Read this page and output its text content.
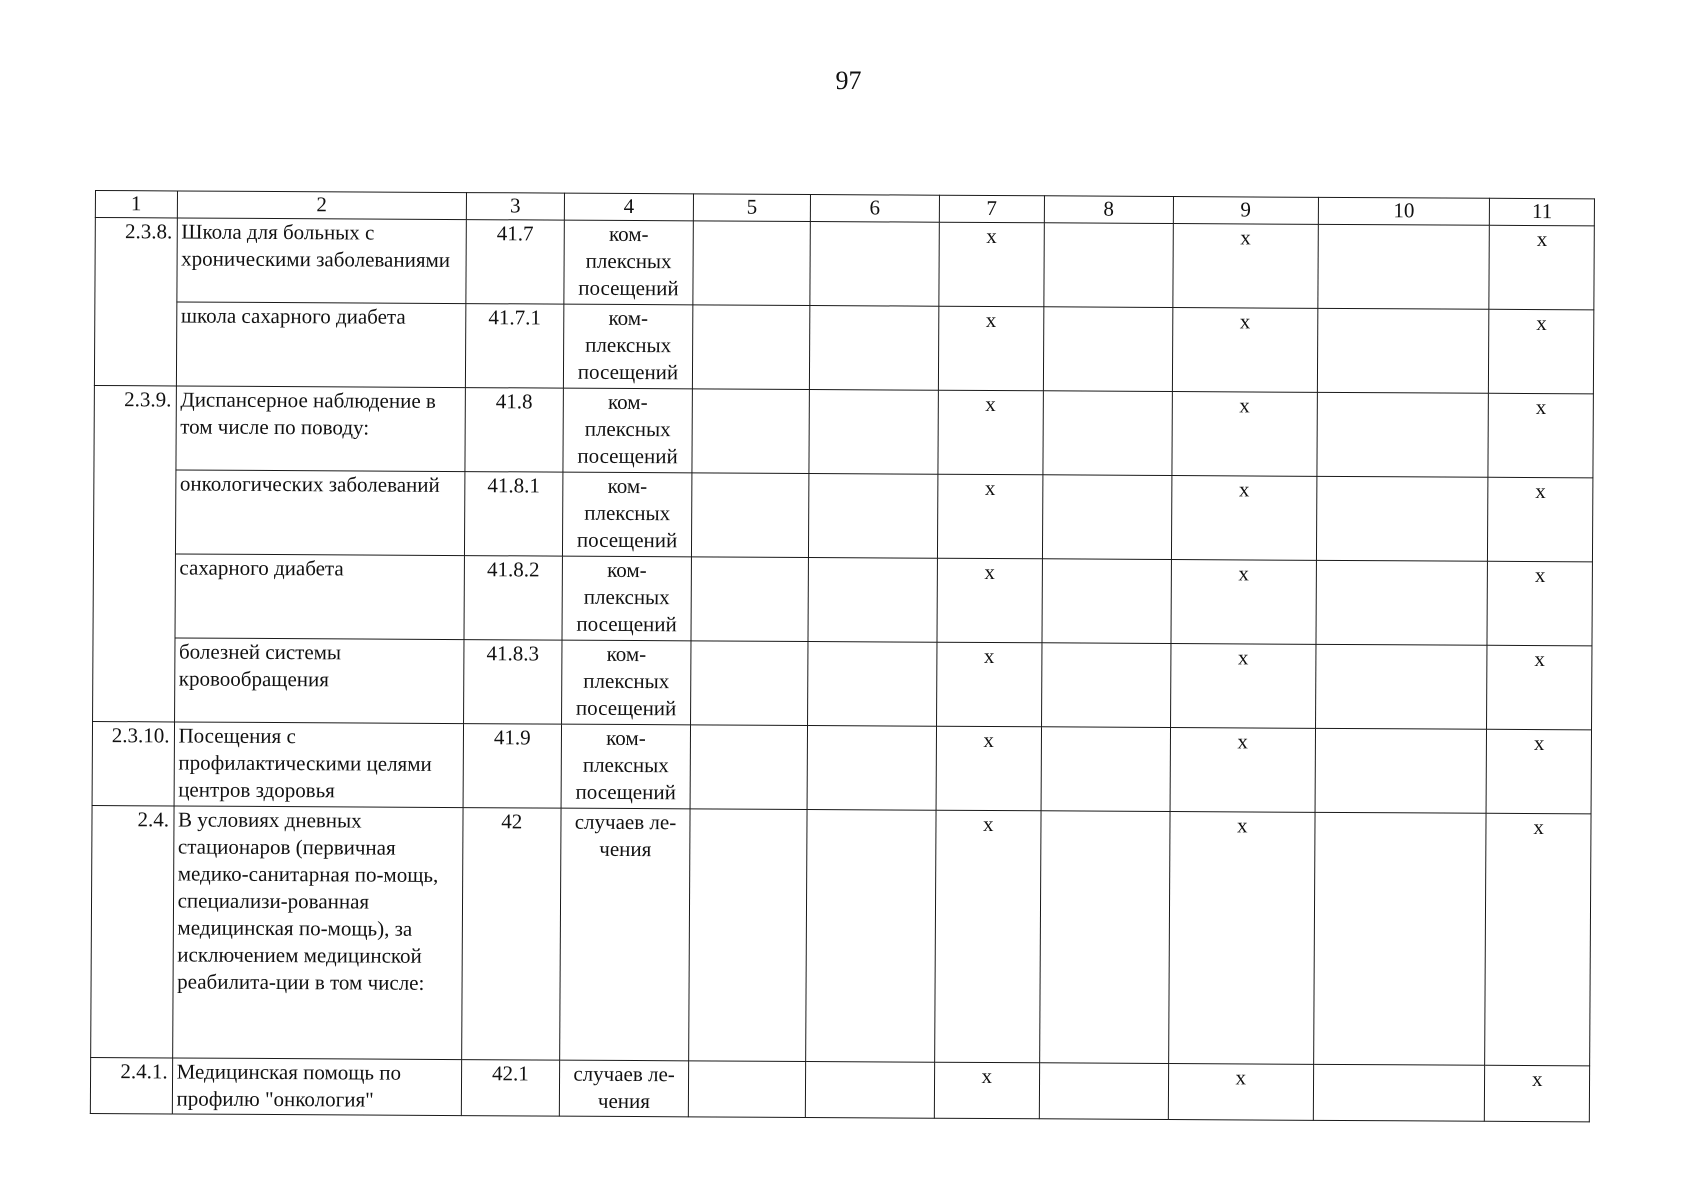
97
1	2	3	4	5	6	7	8	9	10	11
2.3.8.	Школа для больных с хроническими заболеваниями	41.7	ком-плексных посещений			х		х		х
	школа сахарного диабета	41.7.1	ком-плексных посещений			х		х		х
2.3.9.	Диспансерное наблюдение в том числе по поводу:	41.8	ком-плексных посещений			х		х		х
	онкологических заболеваний	41.8.1	ком-плексных посещений			х		х		х
	сахарного диабета	41.8.2	ком-плексных посещений			х		х		х
	болезней системы кровообращения	41.8.3	ком-плексных посещений			х		х		х
2.3.10.	Посещения с профилактическими целями центров здоровья	41.9	ком-плексных посещений			х		х		х
2.4.	В условиях дневных стационаров (первичная медико-санитарная по-мощь, специализи-рованная медицинская по-мощь), за исключением медицинской реабилита-ции в том числе:	42	случаев ле-чения			х		х		х
2.4.1.	Медицинская помощь по профилю "онкология"	42.1	случаев ле-чения			х		х		х
